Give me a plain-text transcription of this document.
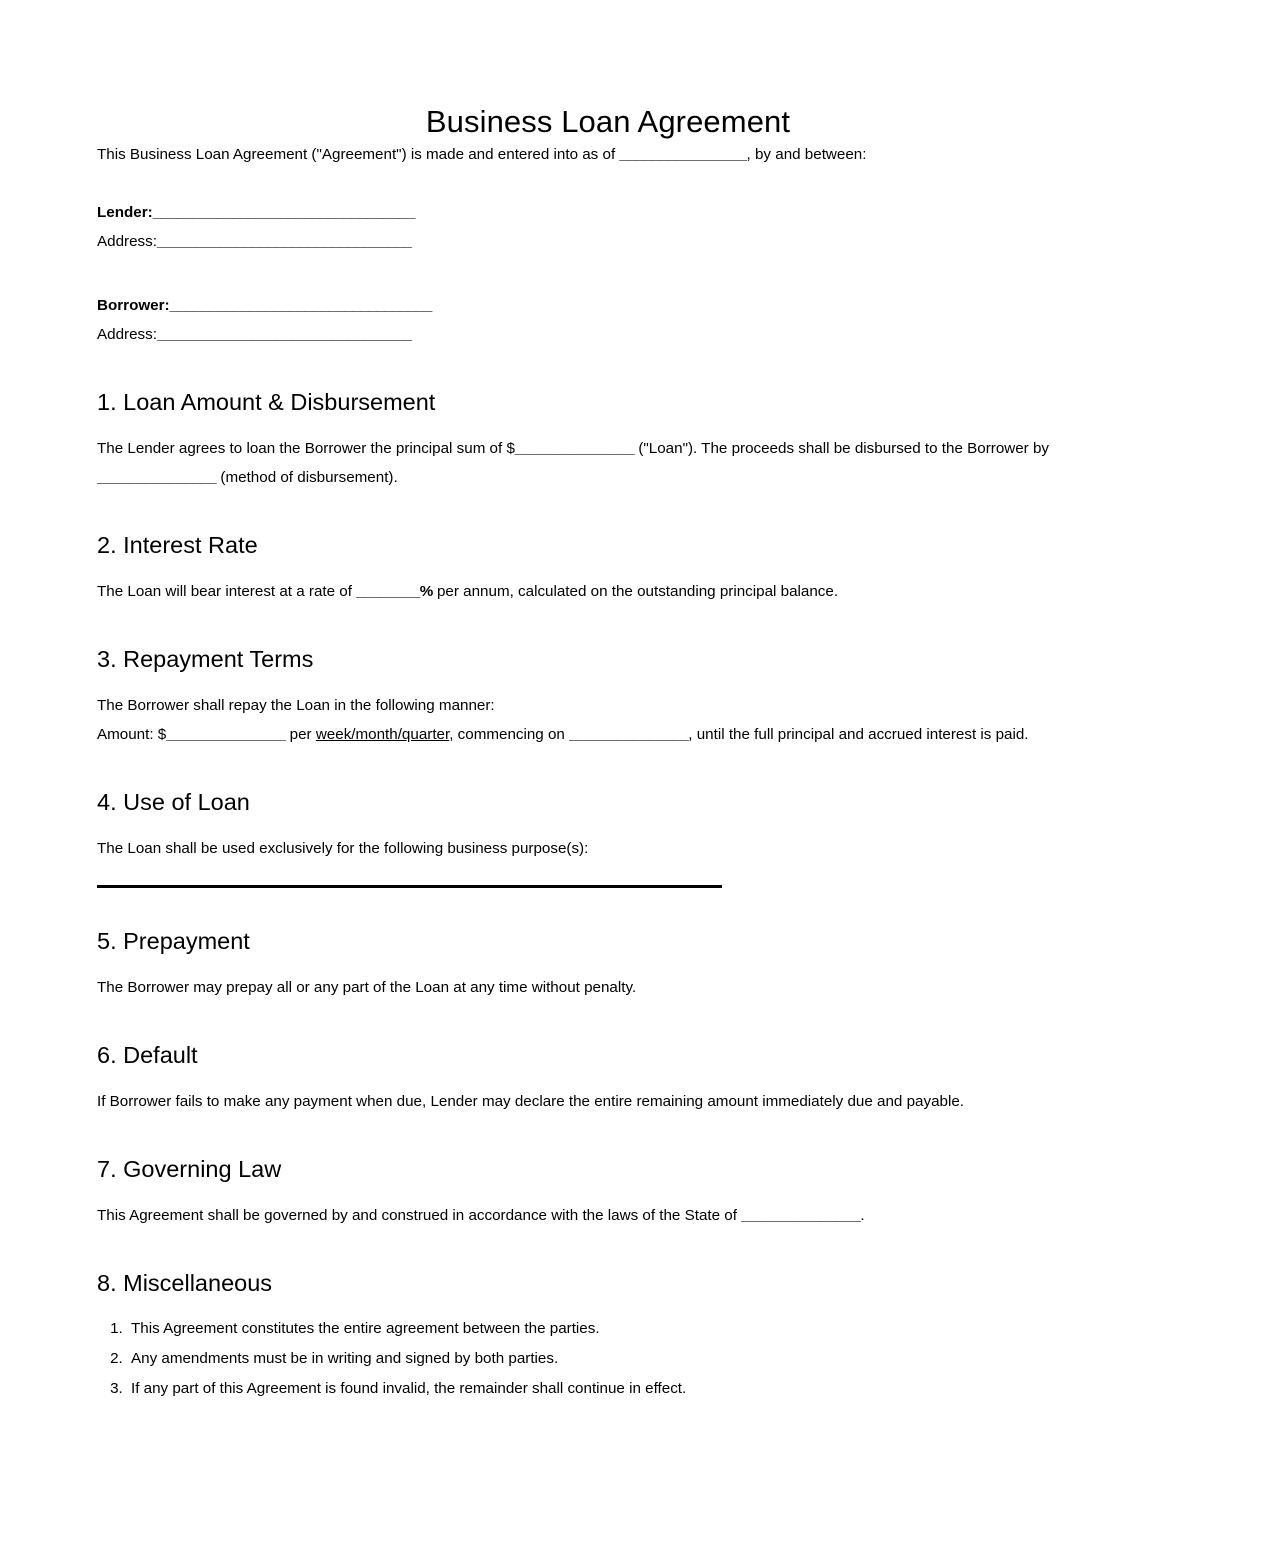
Business Loan Agreement

This Business Loan Agreement ("Agreement") is made and entered into as of ________________, by and between:

Lender:_________________________________
Address:________________________________
Borrower:_________________________________
Address:________________________________
1. Loan Amount & Disbursement

The Lender agrees to loan the Borrower the principal sum of $_______________ ("Loan"). The proceeds shall be disbursed to the Borrower by
_______________ (method of disbursement).

2. Interest Rate

The Loan will bear interest at a rate of ________% per annum, calculated on the outstanding principal balance.

3. Repayment Terms

The Borrower shall repay the Loan in the following manner:

Amount: $_______________ per week/month/quarter, commencing on _______________, until the full principal and accrued interest is paid.

4. Use of Loan

The Loan shall be used exclusively for the following business purpose(s):

5. Prepayment

The Borrower may prepay all or any part of the Loan at any time without penalty.

6. Default

If Borrower fails to make any payment when due, Lender may declare the entire remaining amount immediately due and payable.

7. Governing Law

This Agreement shall be governed by and construed in accordance with the laws of the State of _______________.

8. Miscellaneous
1. This Agreement constitutes the entire agreement between the parties.
2. Any amendments must be in writing and signed by both parties.
3. If any part of this Agreement is found invalid, the remainder shall continue in effect.
